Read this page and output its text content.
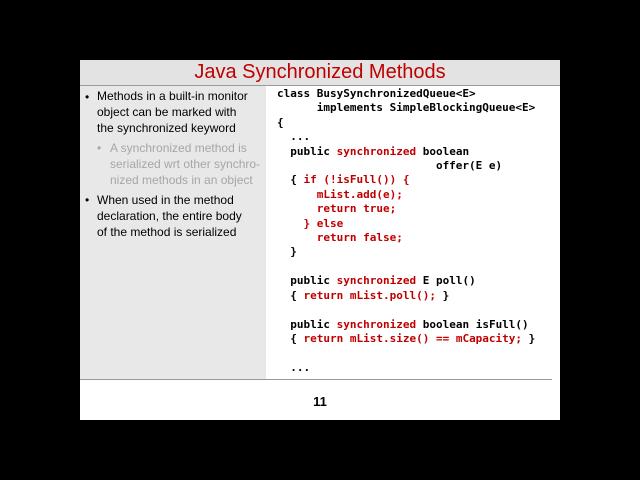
Java Synchronized Methods
• Methods in a built-in monitor
object can be marked with
the synchronized keyword
• A synchronized method is
serialized wrt other synchro-
nized methods in an object
• When used in the method
declaration, the entire body
of the method is serialized
class BusySynchronizedQueue<E>
implements SimpleBlockingQueue<E>
{
...
public synchronized boolean
offer(E e)
{ if (!isFull()) {
mList.add(e);
return true;
} else
return false;
}

public synchronized E poll()
{ return mList.poll(); }

public synchronized boolean isFull()
{ return mList.size() == mCapacity; }

...

11
